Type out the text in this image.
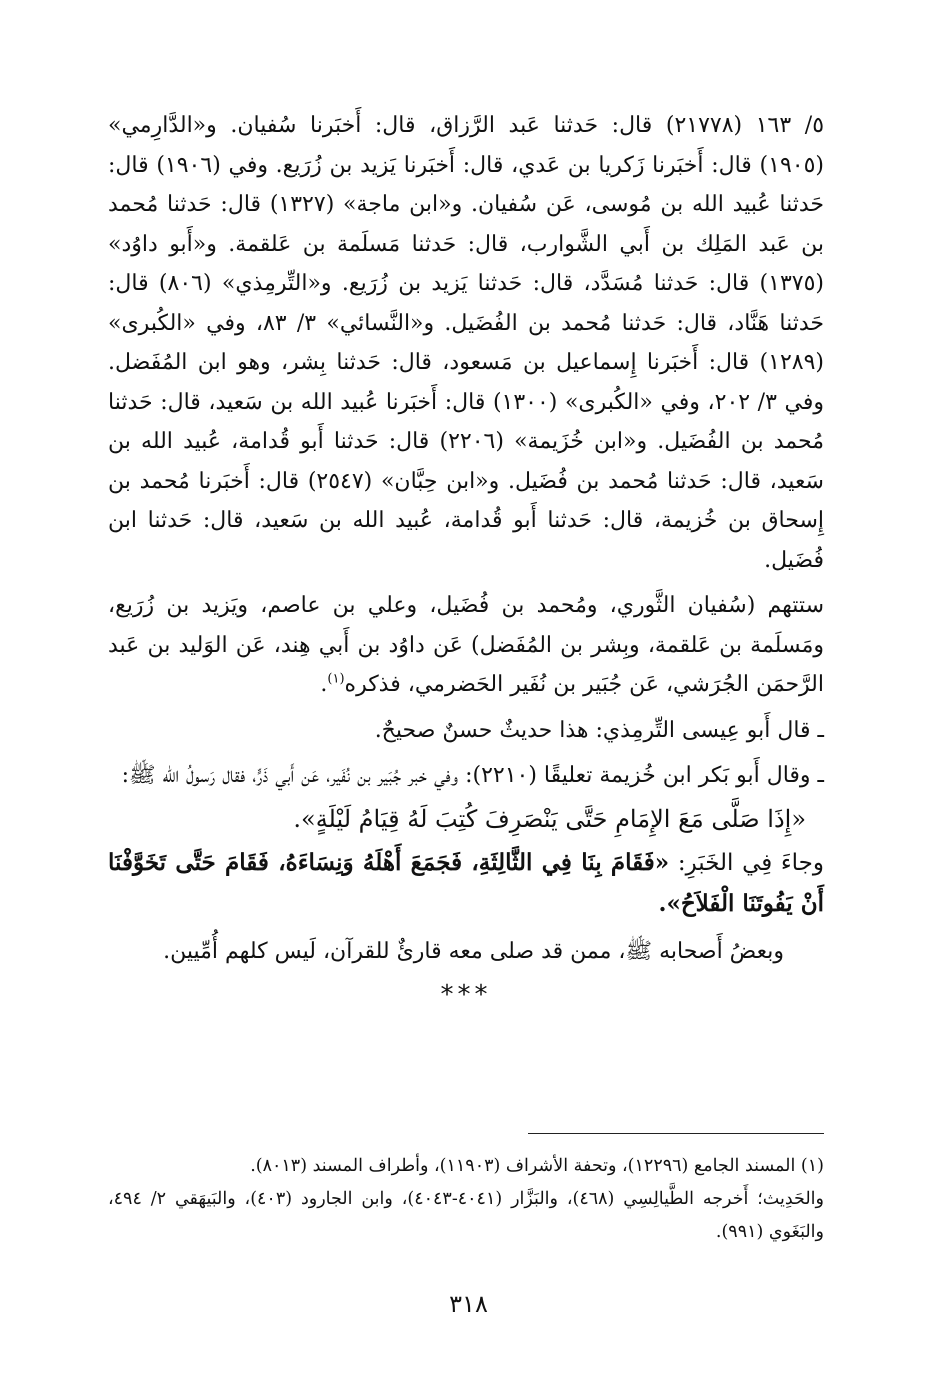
٥/ ١٦٣ (٢١٧٧٨) قال: حَدثنا عَبد الرَّزاق، قال: أَخبَرنا سُفيان. و«الدَّارِمي» (١٩٠٥) قال: أَخبَرنا زَكريا بن عَدي، قال: أَخبَرنا يَزيد بن زُرَيع. وفي (١٩٠٦) قال: حَدثنا عُبيد الله بن مُوسى، عَن سُفيان. و«ابن ماجة» (١٣٢٧) قال: حَدثنا مُحمد بن عَبد المَلِك بن أَبي الشَّوارب، قال: حَدثنا مَسلَمة بن عَلقمة. و«أَبو داوُد» (١٣٧٥) قال: حَدثنا مُسَدَّد، قال: حَدثنا يَزيد بن زُرَيع. و«التِّرمِذي» (٨٠٦) قال: حَدثنا هَنَّاد، قال: حَدثنا مُحمد بن الفُضَيل. و«النَّسائي» ٣/ ٨٣، وفي «الكُبرى» (١٢٨٩) قال: أَخبَرنا إِسماعيل بن مَسعود، قال: حَدثنا بِشر، وهو ابن المُفَضل. وفي ٣/ ٢٠٢، وفي «الكُبرى» (١٣٠٠) قال: أَخبَرنا عُبيد الله بن سَعيد، قال: حَدثنا مُحمد بن الفُضَيل. و«ابن خُزَيمة» (٢٢٠٦) قال: حَدثنا أَبو قُدامة، عُبيد الله بن سَعيد، قال: حَدثنا مُحمد بن فُضَيل. و«ابن حِبَّان» (٢٥٤٧) قال: أَخبَرنا مُحمد بن إِسحاق بن خُزيمة، قال: حَدثنا أَبو قُدامة، عُبيد الله بن سَعيد، قال: حَدثنا ابن فُضَيل.

ستتهم (سُفيان الثَّوري، ومُحمد بن فُضَيل، وعلي بن عاصم، ويَزيد بن زُرَيع، ومَسلَمة بن عَلقمة، وبِشر بن المُفَضل) عَن داوُد بن أَبي هِند، عَن الوَليد بن عَبد الرَّحمَن الجُرَشي، عَن جُبَير بن نُفَير الحَضرمي، فذكره$^{(١)}$.

ـ قال أَبو عِيسى التِّرمِذي: هذا حديثٌ حسنٌ صحيحٌ.

ـ وقال أَبو بَكر ابن خُزيمة تعليقًا (٢٢١٠): وفي خبر جُبَير بن نُفَير، عَن أَبي ذَرٍّ، فقال رَسولُ الله ﷺ:

«إِذَا صَلَّى مَعَ الإِمَامِ حَتَّى يَنْصَرِفَ كُتِبَ لَهُ قِيَامُ لَيْلَةٍ».

وجاءَ فِي الخَبَرِ: «فَقَامَ بِنَا فِي الثَّالِثَةِ، فَجَمَعَ أَهْلَهُ وَنِسَاءَهُ، فَقَامَ حَتَّى تَخَوَّفْنَا أَنْ يَفُوتَنَا الْفَلاَحُ».

وبعضُ أَصحابه ﷺ، ممن قد صلى معه قارئٌ للقرآن، لَيس كلهم أُمِّيين.

***

(١) المسند الجامع (١٢٢٩٦)، وتحفة الأشراف (١١٩٠٣)، وأطراف المسند (٨٠١٣).

والحَدِيث؛ أَخرجه الطَّيالِسِي (٤٦٨)، والبَزَّار (٤٠٤١-٤٠٤٣)، وابن الجارود (٤٠٣)، والبَيهَقي ٢/ ٤٩٤، والبَغَوي (٩٩١).

٣١٨
